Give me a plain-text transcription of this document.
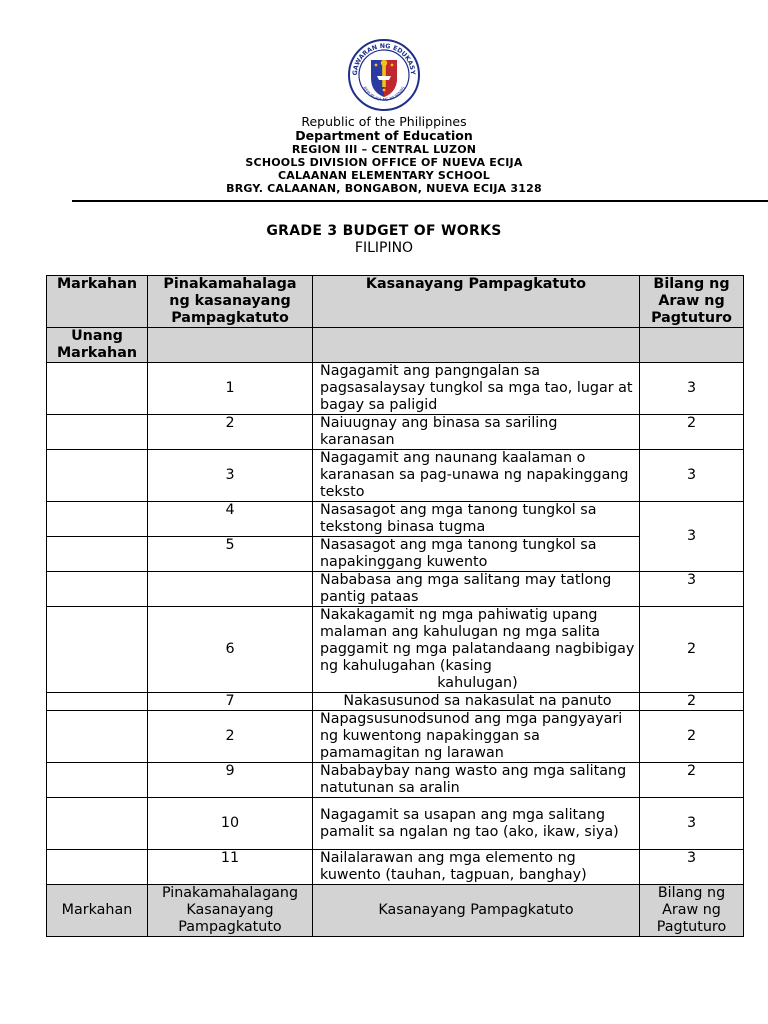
GAWARAN NG EDUKASY
REPUBLIKA NG PILIPINAS
Republic of the Philippines
Department of Education
REGION III – CENTRAL LUZON
SCHOOLS DIVISION OFFICE OF NUEVA ECIJA
CALAANAN ELEMENTARY SCHOOL
BRGY. CALAANAN, BONGABON, NUEVA ECIJA 3128
GRADE 3 BUDGET OF WORKS
FILIPINO
Markahan	Pinakamahalaga ng kasanayang Pampagkatuto	Kasanayang Pampagkatuto	Bilang ng Araw ng Pagtuturo
Unang Markahan			
	1	Nagagamit ang pangngalan sa pagsasalaysay tungkol sa mga tao, lugar at bagay sa paligid	3
	2	Naiuugnay ang binasa sa sariling karanasan	2
	3	Nagagamit ang naunang kaalaman o karanasan sa pag-unawa ng napakinggang teksto	3
	4	Nasasagot ang mga tanong tungkol sa tekstong binasa tugma	3
	5	Nasasagot ang mga tanong tungkol sa napakinggang kuwento	
		Nababasa ang mga salitang may tatlong pantig pataas	3
	6	Nakakagamit ng mga pahiwatig upang malaman ang kahulugan ng mga salita paggamit ng mga palatandaang nagbibigay ng kahulugahan (kasing
kahulugan)	2
	7	Nakasusunod sa nakasulat na panuto	2
	2	Napagsusunodsunod ang mga pangyayari ng kuwentong napakinggan sa pamamagitan ng larawan	2
	9	Nababaybay nang wasto ang mga salitang natutunan sa aralin	2
	10	Nagagamit sa usapan ang mga salitang pamalit sa ngalan ng tao (ako, ikaw, siya)	3
	11	Nailalarawan ang mga elemento ng kuwento (tauhan, tagpuan, banghay)	3
Markahan	Pinakamahalagang Kasanayang Pampagkatuto	Kasanayang Pampagkatuto	Bilang ng Araw ng Pagtuturo
